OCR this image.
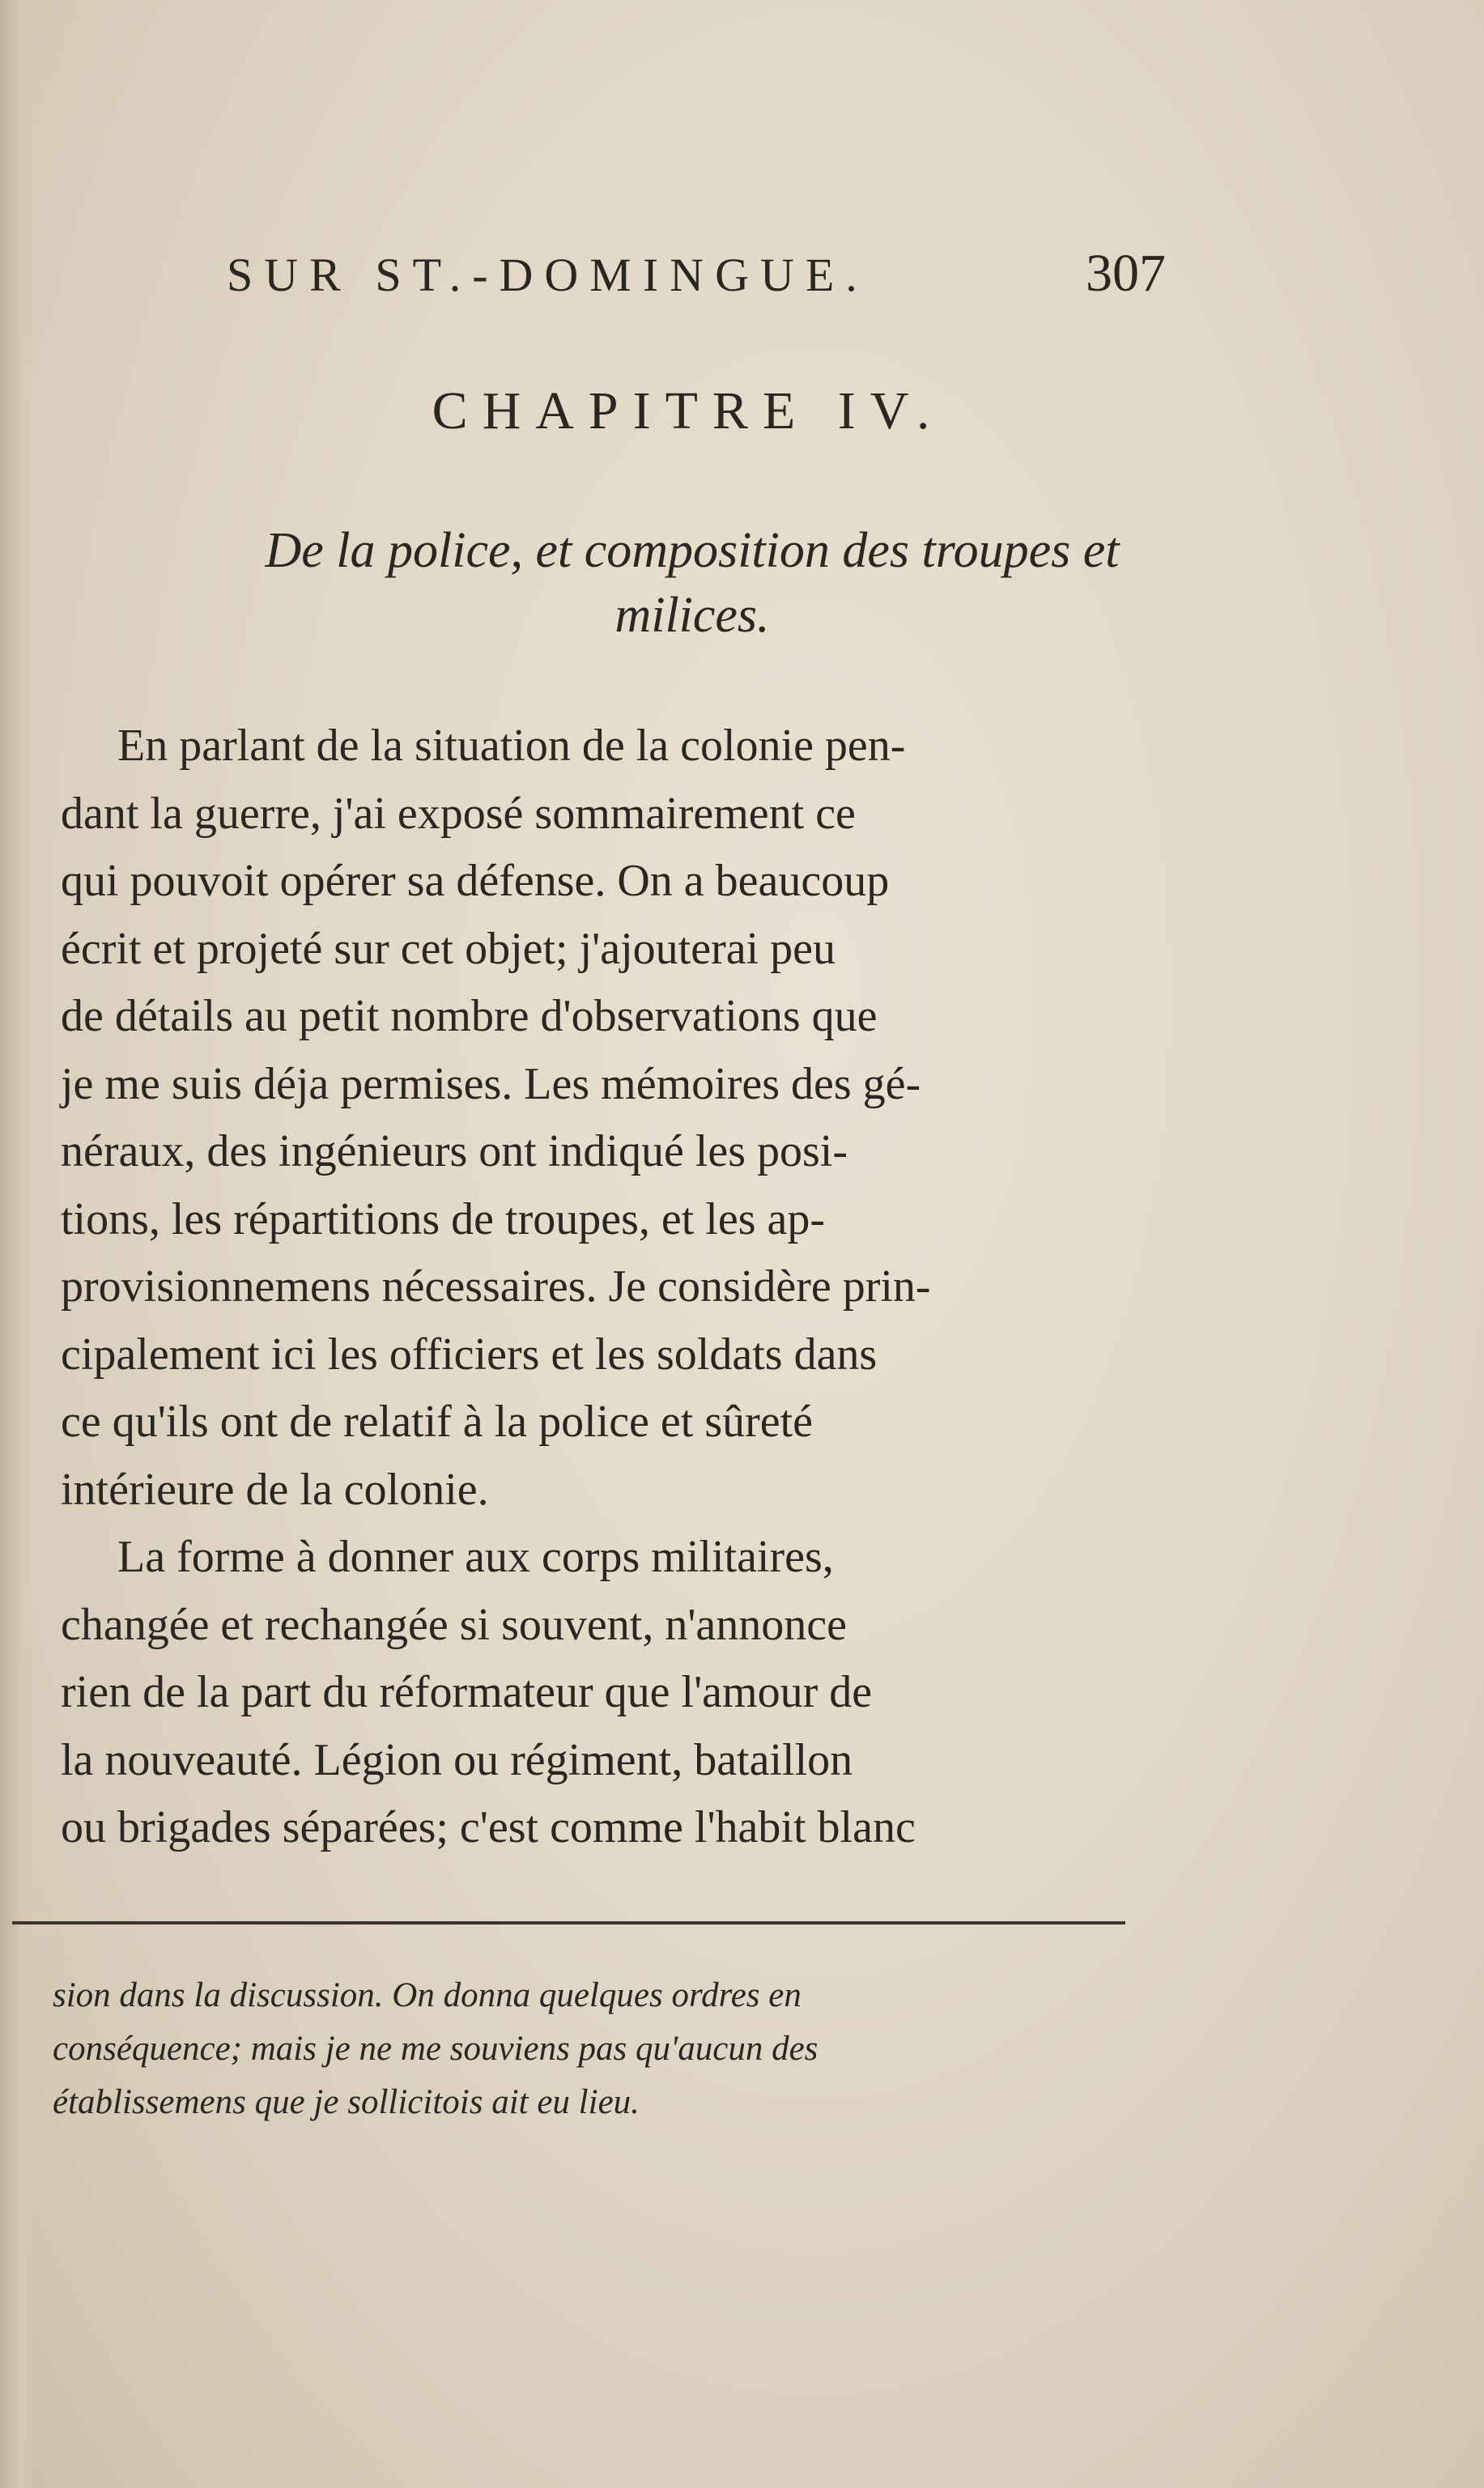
SUR ST.-DOMINGUE.	307
CHAPITRE IV.
De la police, et composition des troupes et
milices.
En parlant de la situation de la colonie pen-
dant la guerre, j'ai exposé sommairement ce
qui pouvoit opérer sa défense. On a beaucoup
écrit et projeté sur cet objet; j'ajouterai peu
de détails au petit nombre d'observations que
je me suis déja permises. Les mémoires des gé-
néraux, des ingénieurs ont indiqué les posi-
tions, les répartitions de troupes, et les ap-
provisionnemens nécessaires. Je considère prin-
cipalement ici les officiers et les soldats dans
ce qu'ils ont de relatif à la police et sûreté
intérieure de la colonie.
La forme à donner aux corps militaires,
changée et rechangée si souvent, n'annonce
rien de la part du réformateur que l'amour de
la nouveauté. Légion ou régiment, bataillon
ou brigades séparées; c'est comme l'habit blanc
sion dans la discussion. On donna quelques ordres en
conséquence; mais je ne me souviens pas qu'aucun des
établissemens que je sollicitois ait eu lieu.
